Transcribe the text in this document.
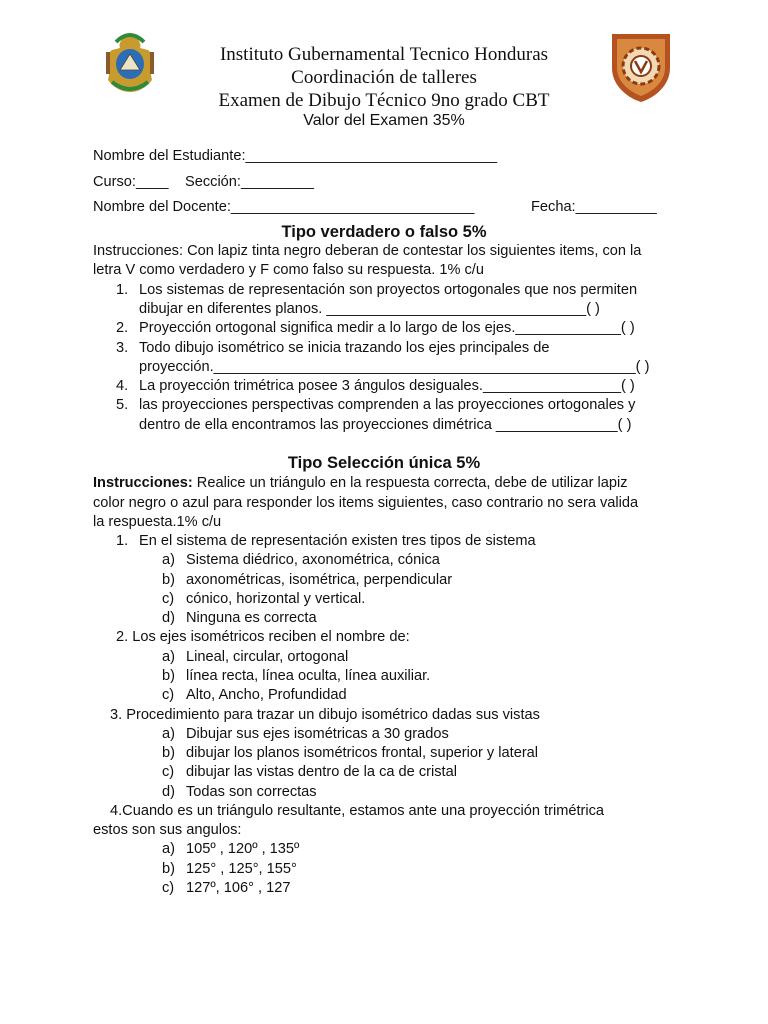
Instituto Gubernamental Tecnico Honduras
Coordinación de talleres
Examen de Dibujo Técnico 9no grado CBT
Valor del Examen 35%
Nombre del Estudiante:_______________________________
Curso:____ Sección:_________
Nombre del Docente:______________________________	Fecha:__________
Tipo verdadero o falso 5%
Instrucciones: Con lapiz tinta negro deberan de contestar los siguientes items, con la
letra V como verdadero y F como falso su respuesta. 1% c/u
1. Los sistemas de representación son proyectos ortogonales que nos permiten
dibujar en diferentes planos. ________________________________( )
2. Proyección ortogonal significa medir a lo largo de los ejes._____________( )
3. Todo dibujo isométrico se inicia trazando los ejes principales de
proyección.____________________________________________________( )
4. La proyección trimétrica posee 3 ángulos desiguales._________________( )
5. las proyecciones perspectivas comprenden a las proyecciones ortogonales y
dentro de ella encontramos las proyecciones dimétrica _______________( )
Tipo Selección única 5%
Instrucciones: Realice un triángulo en la respuesta correcta, debe de utilizar lapiz
color negro o azul para responder los items siguientes, caso contrario no sera valida
la respuesta.1% c/u
1. En el sistema de representación existen tres tipos de sistema
a) Sistema diédrico, axonométrica, cónica
b) axonométricas, isométrica, perpendicular
c) cónico, horizontal y vertical.
d) Ninguna es correcta
2. Los ejes isométricos reciben el nombre de:
a) Lineal, circular, ortogonal
b) línea recta, línea oculta, línea auxiliar.
c) Alto, Ancho, Profundidad
3. Procedimiento para trazar un dibujo isométrico dadas sus vistas
a) Dibujar sus ejes isométricas a 30 grados
b) dibujar los planos isométricos frontal, superior y lateral
c) dibujar las vistas dentro de la ca de cristal
d) Todas son correctas
4.Cuando es un triángulo resultante, estamos ante una proyección trimétrica
estos son sus angulos:
a) 105º , 120º , 135º
b) 125° , 125°, 155°
c) 127º, 106° , 127
